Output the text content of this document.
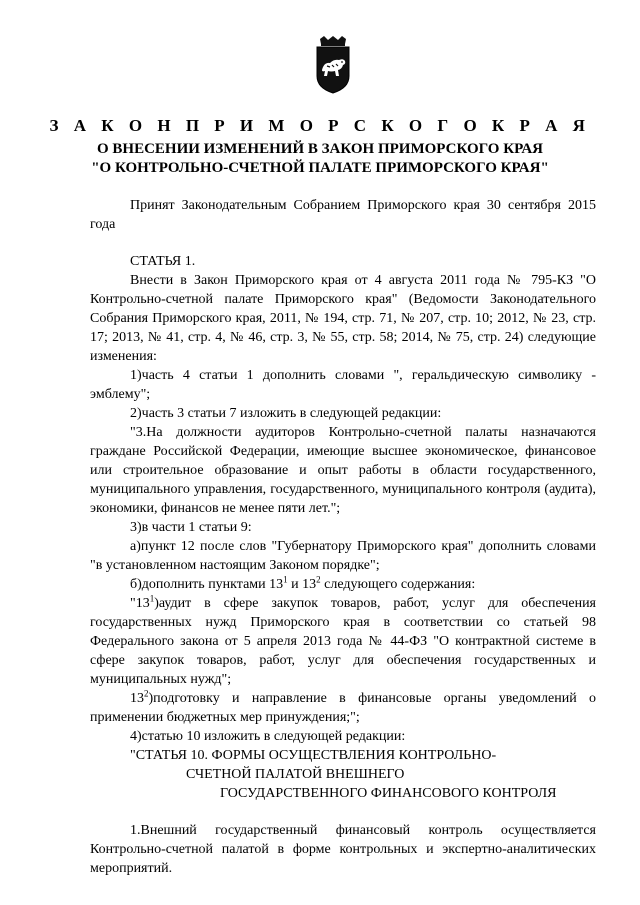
З А К О Н П Р И М О Р С К О Г О К Р А Я
О ВНЕСЕНИИ ИЗМЕНЕНИЙ В ЗАКОН ПРИМОРСКОГО КРАЯ
"О КОНТРОЛЬНО-СЧЕТНОЙ ПАЛАТЕ ПРИМОРСКОГО КРАЯ"

Принят Законодательным Собранием Приморского края 30 сентября 2015 года

СТАТЬЯ 1.

Внести в Закон Приморского края от 4 августа 2011 года № 795-КЗ "О Контрольно-счетной палате Приморского края" (Ведомости Законодательного Собрания Приморского края, 2011, № 194, стр. 71, № 207, стр. 10; 2012, № 23, стр. 17; 2013, № 41, стр. 4, № 46, стр. 3, № 55, стр. 58; 2014, № 75, стр. 24) следующие изменения:

1)часть 4 статьи 1 дополнить словами ", геральдическую символику - эмблему";

2)часть 3 статьи 7 изложить в следующей редакции:

"3.На должности аудиторов Контрольно-счетной палаты назначаются граждане Российской Федерации, имеющие высшее экономическое, финансовое или строительное образование и опыт работы в области государственного, муниципального управления, государственного, муниципального контроля (аудита), экономики, финансов не менее пяти лет.";

3)в части 1 статьи 9:

а)пункт 12 после слов "Губернатору Приморского края" дополнить словами "в установленном настоящим Законом порядке";

б)дополнить пунктами $13^1$ и $13^2$ следующего содержания:

"$13^1)аудит$ в сфере закупок товаров, работ, услуг для обеспечения государственных нужд Приморского края в соответствии со статьей 98 Федерального закона от 5 апреля 2013 года № 44-ФЗ "О контрактной системе в сфере закупок товаров, работ, услуг для обеспечения государственных и муниципальных нужд";

$13^2)подготовку$ и направление в финансовые органы уведомлений о применении бюджетных мер принуждения;";

4)статью 10 изложить в следующей редакции:

"СТАТЬЯ 10. ФОРМЫ ОСУЩЕСТВЛЕНИЯ КОНТРОЛЬНО-

СЧЕТНОЙ ПАЛАТОЙ ВНЕШНЕГО

ГОСУДАРСТВЕННОГО ФИНАНСОВОГО КОНТРОЛЯ

1.Внешний государственный финансовый контроль осуществляется Контрольно-счетной палатой в форме контрольных и экспертно-аналитических мероприятий.
